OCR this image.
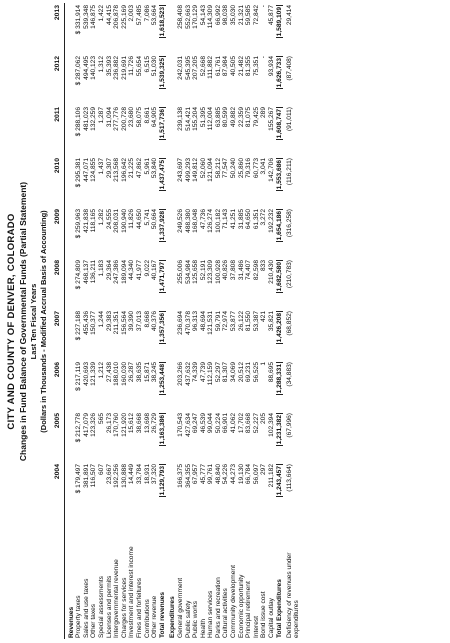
CITY AND COUNTY OF DENVER, COLORADO Changes in Fund Balance of Governmental Funds (Partial Statement) Last Ten Fiscal Years (Dollars in Thousands - Modified Accrual Basis of Accounting)
	2004	2005	2006	2007	2008	2009	2010	2011	2012	2013
Revenues										
Property taxes	$ 179,497	$ 212,778	$ 217,119	$ 227,188	$ 274,809	$ 259,963	$ 295,381	$ 288,106	$ 287,062	$ 331,914
Sales and use taxes	381,891	417,079	420,693	455,436	468,137	421,838	447,071	481,023	494,495	539,348
Other taxes	116,507	123,326	121,339	150,377	136,211	118,165	124,855	132,259	140,123	146,875
Special assessments	607	565	1,212	1,244	1,183	1,282	1,437	1,287	1,312	1,422
Licenses and permits	23,667	26,173	27,438	29,383	29,364	24,555	29,307	31,094	35,393	44,415
Intergovernmental revenue	192,256	170,760	188,010	211,351	247,386	208,031	213,568	277,776	236,882	206,878
Charges for services	130,888	121,920	160,030	156,564	189,094	190,940	196,642	200,728	219,691	225,169
Investment and interest income	14,449	15,612	26,287	39,390	44,340	11,826	21,225	23,680	11,726	2,003
Fines and forfeitures	33,784	38,668	38,635	37,013	41,977	44,650	47,862	58,075	55,654	57,485
Contributions	18,931	13,698	15,871	8,668	9,022	5,741	5,961	8,661	6,515	7,086
Other revenue	37,320	26,729	38,245	40,376	40,167	50,664	53,840	64,905	51,030	53,664
Total revenues	1,129,793	1,163,386	1,253,448	1,357,356	1,471,797	1,337,928	1,437,475	1,517,736	1,539,325	1,618,523
Expenditures										
General government	166,375	170,543	203,266	236,694	255,006	249,526	243,697	239,138	242,031	258,408
Public safety	364,355	427,634	437,632	470,378	534,984	488,380	499,293	514,421	545,395	552,663
Public works	67,957	69,247	74,339	96,313	125,658	168,048	149,812	155,204	207,205	170,129
Health	45,777	46,539	47,739	48,694	52,191	47,736	52,060	51,395	52,668	54,143
Human services	99,761	99,044	112,159	121,531	123,309	126,274	121,094	112,004	111,882	114,309
Parks and recreation	48,840	50,224	52,297	59,791	100,928	100,182	58,212	63,885	61,761	66,992
Cultural activities	54,226	66,901	81,307	72,974	40,826	71,143	77,547	80,599	87,984	98,038
Community development	44,273	41,062	34,069	53,877	37,808	41,251	50,240	49,882	40,505	35,030
Economic opportunity	19,130	17,702	20,512	26,122	31,486	31,885	25,860	22,359	21,482	21,321
Principal retirement	66,784	83,668	69,231	81,550	74,407	64,650	79,316	81,075	81,355	59,585
Interest	56,097	52,227	56,525	53,387	82,598	61,351	60,773	79,425	75,351	72,842
Bond issue cost	297	205	1	421	833	3,272	3,041	289	-	-
Capital outlay	211,182	102,394	88,695	35,821	210,430	192,232	142,706	155,267	93,934	45,877
Total Expenditures	1,243,457	1,231,382	1,288,331	1,426,208	1,682,580	1,654,186	1,553,686	1,608,747	1,626,733	1,589,109
Deficiency of revenues under expenditures	(113,664)	(67,996)	(34,883)	(68,852)	(210,783)	(316,258)	(116,211)	(91,011)	(87,408)	29,414
